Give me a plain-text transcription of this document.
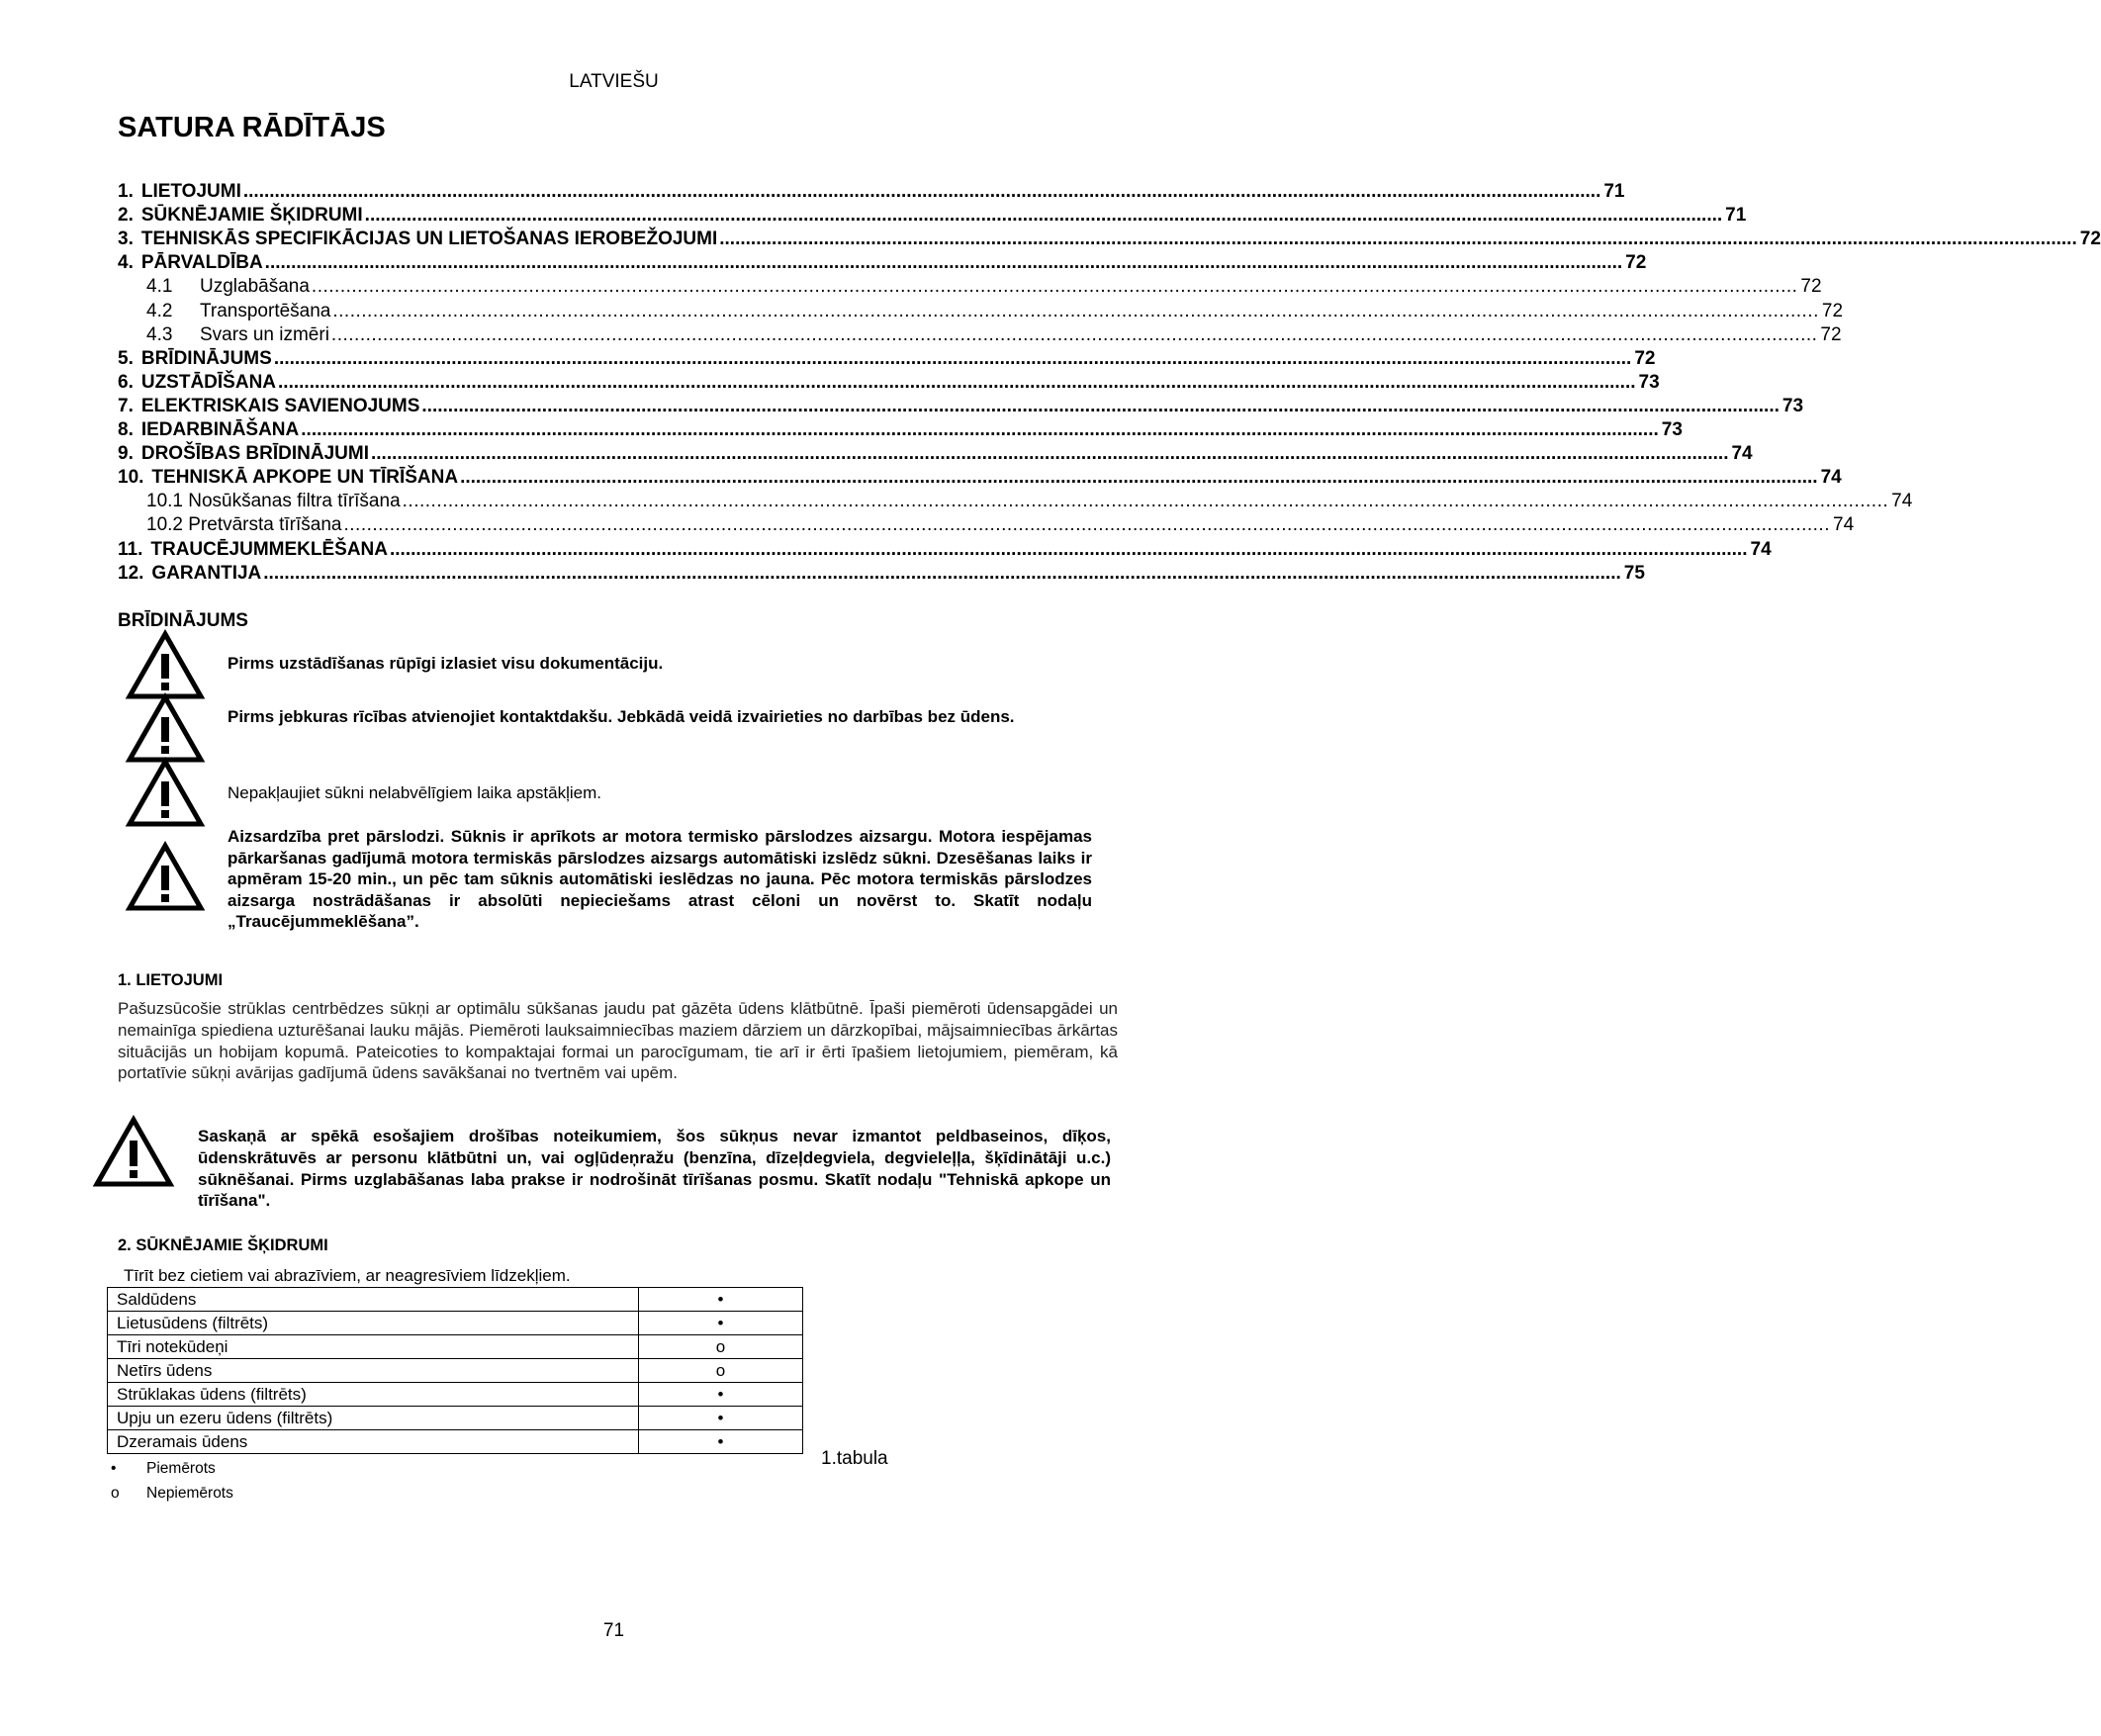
LATVIEŠU
SATURA RĀDĪTĀJS
1. LIETOJUMI .................................................................................................................................................................................................................................................................... 71
2. SŪKNĒJAMIE ŠĶIDRUMI .................................................................................................................................................................................................................................................................... 71
3. TEHNISKĀS SPECIFIKĀCIJAS UN LIETOŠANAS IEROBEŽOJUMI .................................................................................................................................................................................................................................................................... 72
4. PĀRVALDĪBA .................................................................................................................................................................................................................................................................... 72
4.1 Uzglabāšana .................................................................................................................................................................................................................................................................... 72
4.2 Transportēšana .................................................................................................................................................................................................................................................................... 72
4.3 Svars un izmēri .................................................................................................................................................................................................................................................................... 72
5. BRĪDINĀJUMS .................................................................................................................................................................................................................................................................... 72
6. UZSTĀDĪŠANA .................................................................................................................................................................................................................................................................... 73
7. ELEKTRISKAIS SAVIENOJUMS .................................................................................................................................................................................................................................................................... 73
8. IEDARBINĀŠANA .................................................................................................................................................................................................................................................................... 73
9. DROŠĪBAS BRĪDINĀJUMI .................................................................................................................................................................................................................................................................... 74
10. TEHNISKĀ APKOPE UN TĪRĪŠANA .................................................................................................................................................................................................................................................................... 74
10.1 Nosūkšanas filtra tīrīšana .................................................................................................................................................................................................................................................................... 74
10.2 Pretvārsta tīrīšana .................................................................................................................................................................................................................................................................... 74
11. TRAUCĒJUMMEKLĒŠANA .................................................................................................................................................................................................................................................................... 74
12. GARANTIJA .................................................................................................................................................................................................................................................................... 75
BRĪDINĀJUMS
Pirms uzstādīšanas rūpīgi izlasiet visu dokumentāciju.
Pirms jebkuras rīcības atvienojiet kontaktdakšu. Jebkādā veidā izvairieties no darbības bez ūdens.
Nepakļaujiet sūkni nelabvēlīgiem laika apstākļiem.
Aizsardzība pret pārslodzi. Sūknis ir aprīkots ar motora termisko pārslodzes aizsargu. Motora iespējamas pārkaršanas gadījumā motora termiskās pārslodzes aizsargs automātiski izslēdz sūkni. Dzesēšanas laiks ir apmēram 15-20 min., un pēc tam sūknis automātiski ieslēdzas no jauna. Pēc motora termiskās pārslodzes aizsarga nostrādāšanas ir absolūti nepieciešams atrast cēloni un novērst to. Skatīt nodaļu „Traucējummeklēšana”.
1. LIETOJUMI
Pašuzsūcošie strūklas centrbēdzes sūkņi ar optimālu sūkšanas jaudu pat gāzēta ūdens klātbūtnē. Īpaši piemēroti ūdensapgādei un nemainīga spiediena uzturēšanai lauku mājās. Piemēroti lauksaimniecības maziem dārziem un dārzkopībai, mājsaimniecības ārkārtas situācijās un hobijam kopumā. Pateicoties to kompaktajai formai un parocīgumam, tie arī ir ērti īpašiem lietojumiem, piemēram, kā portatīvie sūkņi avārijas gadījumā ūdens savākšanai no tvertnēm vai upēm.
Saskaņā ar spēkā esošajiem drošības noteikumiem, šos sūkņus nevar izmantot peldbaseinos, dīķos, ūdenskrātuvēs ar personu klātbūtni un, vai ogļūdeņražu (benzīna, dīzeļdegviela, degvieleļļa, šķīdinātāji u.c.) sūknēšanai. Pirms uzglabāšanas laba prakse ir nodrošināt tīrīšanas posmu. Skatīt nodaļu "Tehniskā apkope un tīrīšana".
2. SŪKNĒJAMIE ŠĶIDRUMI
Tīrīt bez cietiem vai abrazīviem, ar neagresīviem līdzekļiem.
Saldūdens	•
Lietusūdens (filtrēts)	•
Tīri notekūdeņi	o
Netīrs ūdens	o
Strūklakas ūdens (filtrēts)	•
Upju un ezeru ūdens (filtrēts)	•
Dzeramais ūdens	•
1.tabula
• Piemērots
o Nepiemērots
71
